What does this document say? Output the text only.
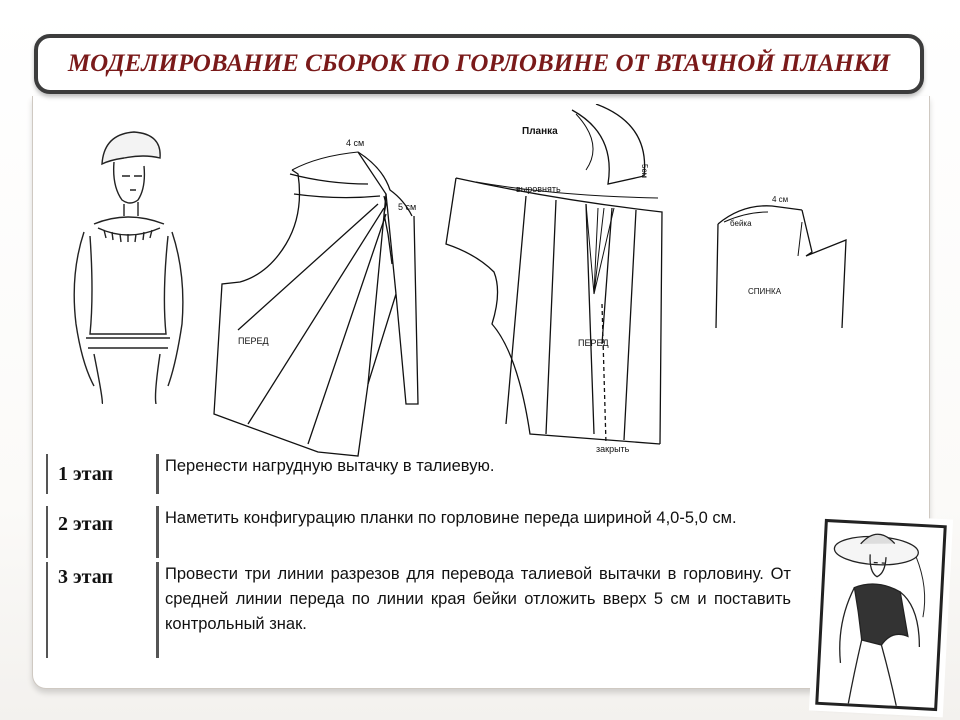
МОДЕЛИРОВАНИЕ СБОРОК ПО ГОРЛОВИНЕ ОТ ВТАЧНОЙ ПЛАНКИ
4 см
5 см
ПЕРЕД
Планка
5см
выровнять
ПЕРЕД
закрыть
4 см
бейка
СПИНКА
1 этап	Перенести нагрудную вытачку в талиевую.
2 этап	Наметить конфигурацию планки по горловине переда шириной 4,0-5,0 см.
3 этап	Провести три линии разрезов для перевода талиевой вытачки в горловину. От средней линии переда по линии края бейки отложить вверх 5 см и поставить контрольный знак.
